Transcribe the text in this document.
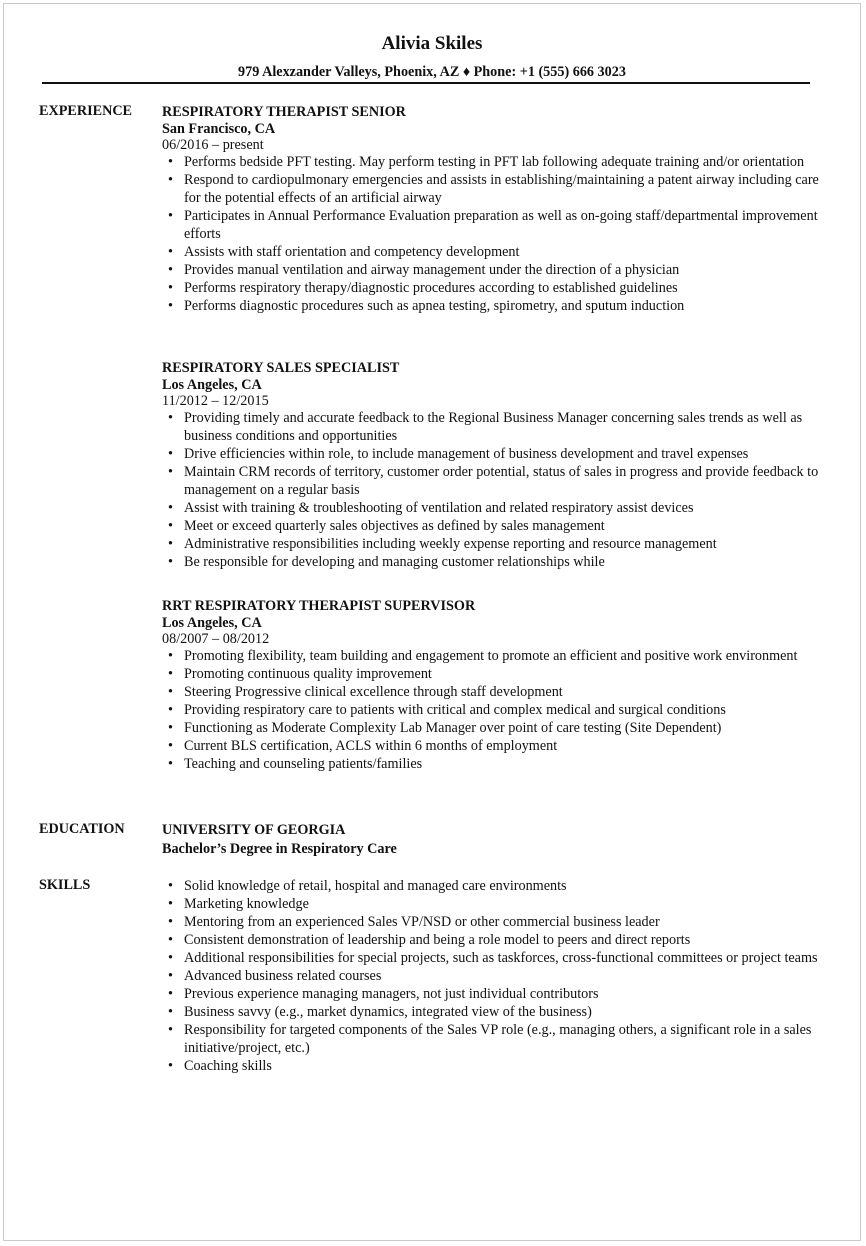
Alivia Skiles
979 Alexzander Valleys, Phoenix, AZ ♦ Phone: +1 (555) 666 3023
EXPERIENCE RESPIRATORY THERAPIST SENIOR
San Francisco, CA
06/2016 – present
• Performs bedside PFT testing. May perform testing in PFT lab following adequate training and/or orientation
• Respond to cardiopulmonary emergencies and assists in establishing/maintaining a patent airway including care for the potential effects of an artificial airway
• Participates in Annual Performance Evaluation preparation as well as on-going staff/departmental improvement efforts
• Assists with staff orientation and competency development
• Provides manual ventilation and airway management under the direction of a physician
• Performs respiratory therapy/diagnostic procedures according to established guidelines
• Performs diagnostic procedures such as apnea testing, spirometry, and sputum induction
RESPIRATORY SALES SPECIALIST
Los Angeles, CA
11/2012 – 12/2015
• Providing timely and accurate feedback to the Regional Business Manager concerning sales trends as well as business conditions and opportunities
• Drive efficiencies within role, to include management of business development and travel expenses
• Maintain CRM records of territory, customer order potential, status of sales in progress and provide feedback to management on a regular basis
• Assist with training & troubleshooting of ventilation and related respiratory assist devices
• Meet or exceed quarterly sales objectives as defined by sales management
• Administrative responsibilities including weekly expense reporting and resource management
• Be responsible for developing and managing customer relationships while
RRT RESPIRATORY THERAPIST SUPERVISOR
Los Angeles, CA
08/2007 – 08/2012
• Promoting flexibility, team building and engagement to promote an efficient and positive work environment
• Promoting continuous quality improvement
• Steering Progressive clinical excellence through staff development
• Providing respiratory care to patients with critical and complex medical and surgical conditions
• Functioning as Moderate Complexity Lab Manager over point of care testing (Site Dependent)
• Current BLS certification, ACLS within 6 months of employment
• Teaching and counseling patients/families
EDUCATION	UNIVERSITY OF GEORGIA
Bachelor’s Degree in Respiratory Care
SKILLS	• Solid knowledge of retail, hospital and managed care environments
• Marketing knowledge
• Mentoring from an experienced Sales VP/NSD or other commercial business leader
• Consistent demonstration of leadership and being a role model to peers and direct reports
• Additional responsibilities for special projects, such as taskforces, cross-functional committees or project teams
• Advanced business related courses
• Previous experience managing managers, not just individual contributors
• Business savvy (e.g., market dynamics, integrated view of the business)
• Responsibility for targeted components of the Sales VP role (e.g., managing others, a significant role in a sales initiative/project, etc.)
• Coaching skills
